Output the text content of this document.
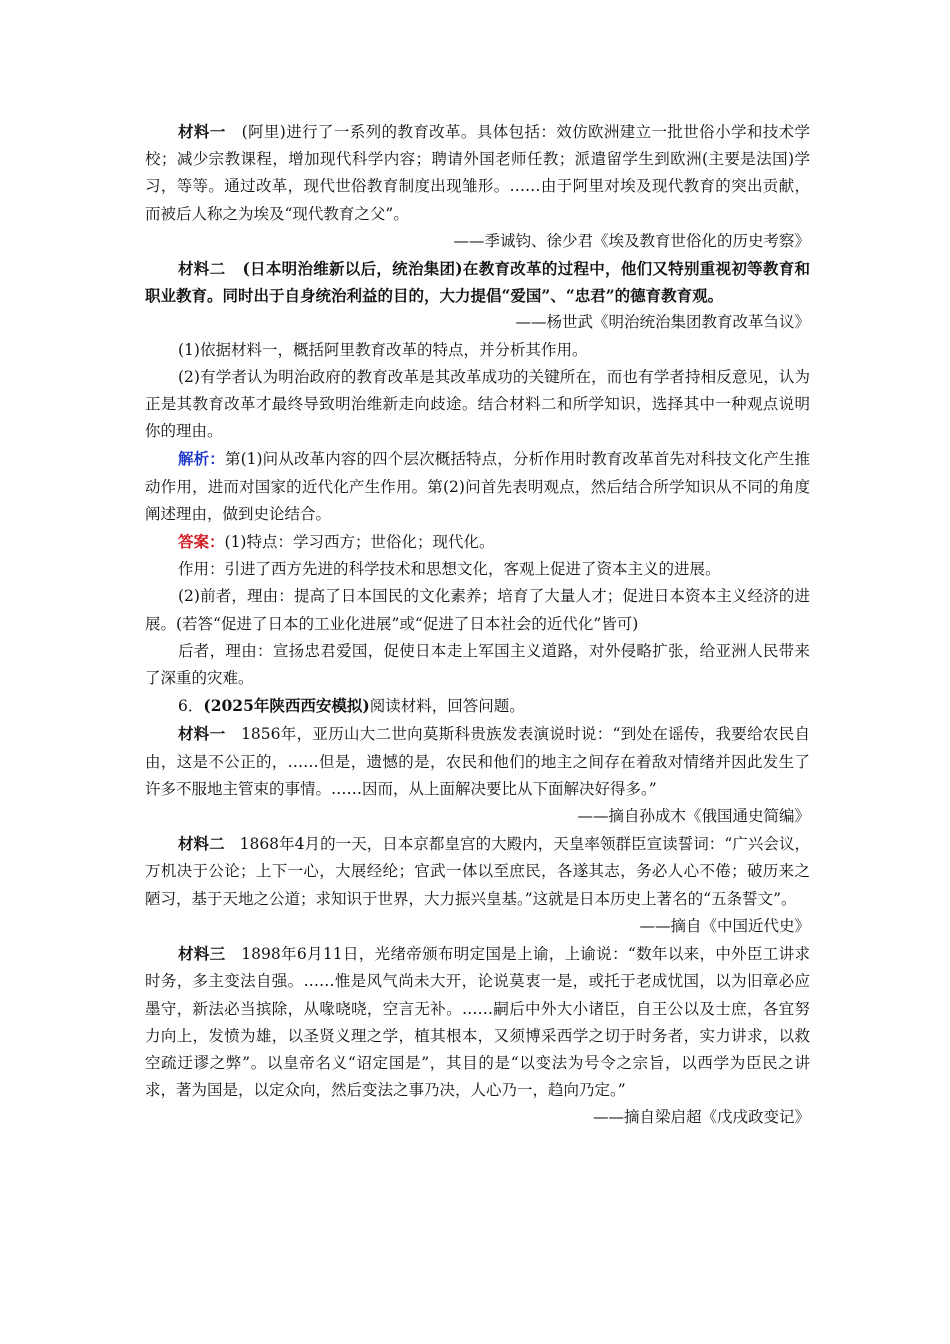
材料一 (阿里)进行了一系列的教育改革。具体包括：效仿欧洲建立一批世俗小学和技术学校；减少宗教课程，增加现代科学内容；聘请外国老师任教；派遣留学生到欧洲(主要是法国)学习，等等。通过改革，现代世俗教育制度出现雏形。……由于阿里对埃及现代教育的突出贡献，而被后人称之为埃及“现代教育之父”。

——季诚钧、徐少君《埃及教育世俗化的历史考察》

材料二 (日本明治维新以后，统治集团)在教育改革的过程中，他们又特别重视初等教育和职业教育。同时出于自身统治利益的目的，大力提倡“爱国”、“忠君”的德育教育观。

——杨世武《明治统治集团教育改革刍议》

(1)依据材料一，概括阿里教育改革的特点，并分析其作用。

(2)有学者认为明治政府的教育改革是其改革成功的关键所在，而也有学者持相反意见，认为正是其教育改革才最终导致明治维新走向歧途。结合材料二和所学知识，选择其中一种观点说明你的理由。

解析：第(1)问从改革内容的四个层次概括特点，分析作用时教育改革首先对科技文化产生推动作用，进而对国家的近代化产生作用。第(2)问首先表明观点，然后结合所学知识从不同的角度阐述理由，做到史论结合。

答案：(1)特点：学习西方；世俗化；现代化。

作用：引进了西方先进的科学技术和思想文化，客观上促进了资本主义的进展。

(2)前者，理由：提高了日本国民的文化素养；培育了大量人才；促进日本资本主义经济的进展。(若答“促进了日本的工业化进展”或“促进了日本社会的近代化”皆可)

后者，理由：宣扬忠君爱国，促使日本走上军国主义道路，对外侵略扩张，给亚洲人民带来了深重的灾难。

6．(2025年陕西西安模拟)阅读材料，回答问题。

材料一 1856年，亚历山大二世向莫斯科贵族发表演说时说：“到处在谣传，我要给农民自由，这是不公正的，……但是，遗憾的是，农民和他们的地主之间存在着敌对情绪并因此发生了许多不服地主管束的事情。……因而，从上面解决要比从下面解决好得多。”

——摘自孙成木《俄国通史简编》

材料二 1868年4月的一天，日本京都皇宫的大殿内，天皇率领群臣宣读誓词：“广兴会议，万机决于公论；上下一心，大展经纶；官武一体以至庶民，各遂其志，务必人心不倦；破历来之陋习，基于天地之公道；求知识于世界，大力振兴皇基。”这就是日本历史上著名的“五条誓文”。

——摘自《中国近代史》

材料三 1898年6月11日，光绪帝颁布明定国是上谕，上谕说：“数年以来，中外臣工讲求时务，多主变法自强。……惟是风气尚未大开，论说莫衷一是，或托于老成忧国，以为旧章必应墨守，新法必当摈除，从喙哓哓，空言无补。……嗣后中外大小诸臣，自王公以及士庶，各宜努力向上，发愤为雄，以圣贤义理之学，植其根本，又须博采西学之切于时务者，实力讲求，以救空疏迂谬之弊”。以皇帝名义“诏定国是”，其目的是“以变法为号令之宗旨，以西学为臣民之讲求，著为国是，以定众向，然后变法之事乃决，人心乃一，趋向乃定。”

——摘自梁启超《戊戌政变记》
